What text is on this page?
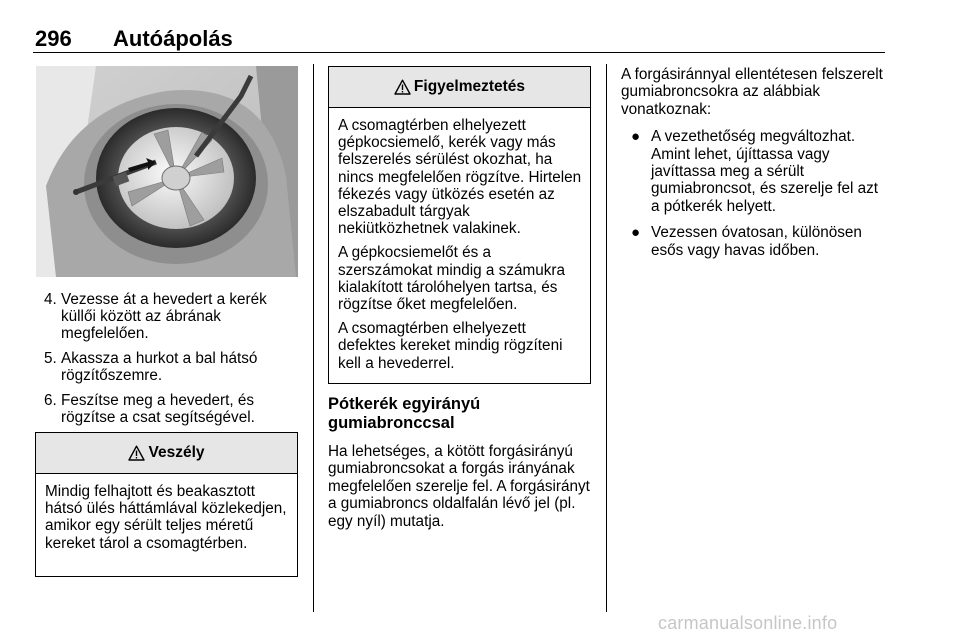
296 Autóápolás
4. Vezesse át a hevedert a kerék küllői között az ábrának megfelelően.
5. Akassza a hurkot a bal hátsó rögzítőszemre.
6. Feszítse meg a hevedert, és rögzítse a csat segítségével.
Veszély

Mindig felhajtott és beakasztott hátsó ülés háttámlával közlekedjen, amikor egy sérült teljes méretű kereket tárol a csomagtérben.

Figyelmeztetés

A csomagtérben elhelyezett gépkocsiemelő, kerék vagy más felszerelés sérülést okozhat, ha nincs megfelelően rögzítve. Hirtelen fékezés vagy ütközés esetén az elszabadult tárgyak nekiütközhetnek valakinek.

A gépkocsiemelőt és a szerszámokat mindig a számukra kialakított tárolóhelyen tartsa, és rögzítse őket megfelelően.

A csomagtérben elhelyezett defektes kereket mindig rögzíteni kell a hevederrel.

Pótkerék egyirányú gumiabronccsal
Ha lehetséges, a kötött forgásirányú gumiabroncsokat a forgás irányának megfelelően szerelje fel. A forgásirányt a gumiabroncs oldalfalán lévő jel (pl. egy nyíl) mutatja.

A forgásiránnyal ellentétesen felszerelt gumiabroncsokra az alábbiak vonatkoznak:

● A vezethetőség megváltozhat. Amint lehet, újíttassa vagy javíttassa meg a sérült gumiabroncsot, és szerelje fel azt a pótkerék helyett.
● Vezessen óvatosan, különösen esős vagy havas időben.
carmanualsonline.info
